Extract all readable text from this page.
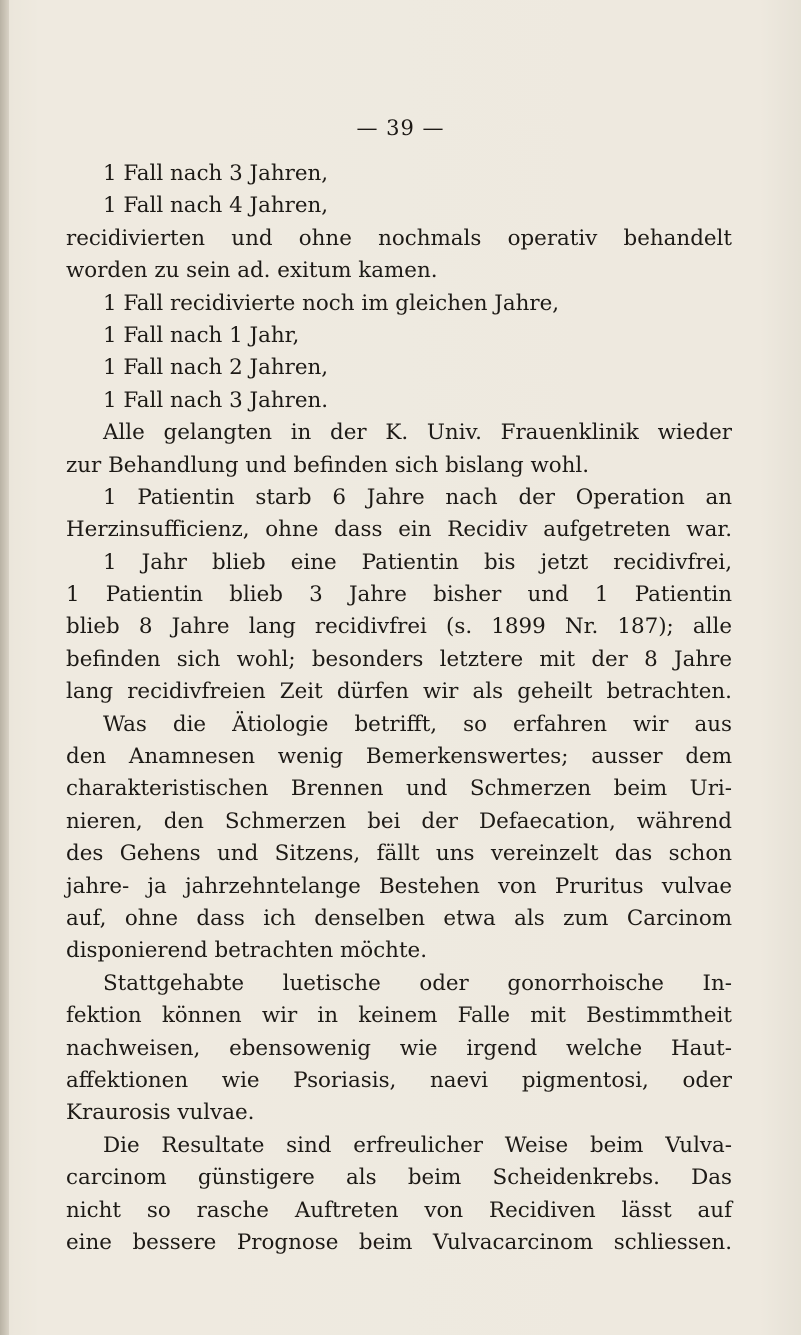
— 39 —
1 Fall nach 3 Jahren,
1 Fall nach 4 Jahren,
recidivierten und ohne nochmals operativ behandelt
worden zu sein ad. exitum kamen.
1 Fall recidivierte noch im gleichen Jahre,
1 Fall nach 1 Jahr,
1 Fall nach 2 Jahren,
1 Fall nach 3 Jahren.
Alle gelangten in der K. Univ. Frauenklinik wieder
zur Behandlung und befinden sich bislang wohl.
1 Patientin starb 6 Jahre nach der Operation an
Herzinsufficienz, ohne dass ein Recidiv aufgetreten war.
1 Jahr blieb eine Patientin bis jetzt recidivfrei,
1 Patientin blieb 3 Jahre bisher und 1 Patientin
blieb 8 Jahre lang recidivfrei (s. 1899 Nr. 187); alle
befinden sich wohl; besonders letztere mit der 8 Jahre
lang recidivfreien Zeit dürfen wir als geheilt betrachten.
Was die Ätiologie betrifft, so erfahren wir aus
den Anamnesen wenig Bemerkenswertes; ausser dem
charakteristischen Brennen und Schmerzen beim Uri-
nieren, den Schmerzen bei der Defaecation, während
des Gehens und Sitzens, fällt uns vereinzelt das schon
jahre- ja jahrzehntelange Bestehen von Pruritus vulvae
auf, ohne dass ich denselben etwa als zum Carcinom
disponierend betrachten möchte.
Stattgehabte luetische oder gonorrhoische In-
fektion können wir in keinem Falle mit Bestimmtheit
nachweisen, ebensowenig wie irgend welche Haut-
affektionen wie Psoriasis, naevi pigmentosi, oder
Kraurosis vulvae.
Die Resultate sind erfreulicher Weise beim Vulva-
carcinom günstigere als beim Scheidenkrebs. Das
nicht so rasche Auftreten von Recidiven lässt auf
eine bessere Prognose beim Vulvacarcinom schliessen.
